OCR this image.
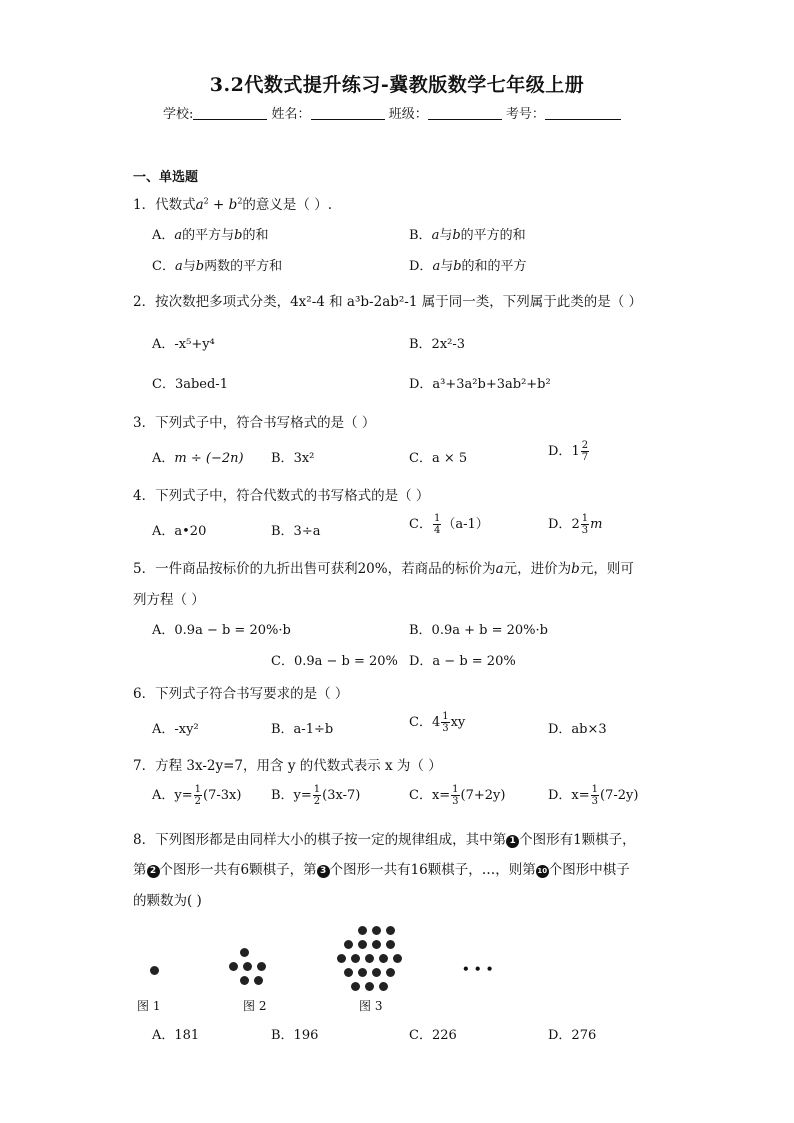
3.2代数式提升练习-冀教版数学七年级上册
学校:	姓名：	班级：	考号：
一、单选题
1．代数式$a^2 + b^2$的意义是（ ）.
A．a的平方与b的和	B．a与b的平方的和
C．a与b两数的平方和	D．a与b的和的平方
2．按次数把多项式分类，4x²-4 和 a³b-2ab²-1 属于同一类，下列属于此类的是（ ）
A．-x⁵+y⁴	B．2x²-3
C．3abed-1	D．a³+3a²b+3ab²+b²
3．下列式子中，符合书写格式的是（ ）
A．m ÷ (−2n) B．3x²	C．a × 5	D．$1 \frac{2}{7}$
4．下列式子中，符合代数式的书写格式的是（ ）
A．a•20	B．3÷a	C． $\frac{1}{4} (a-1)$	D．$2 \frac{1}{3}$ m
5．一件商品按标价的九折出售可获利20%，若商品的标价为a元，进价为b元，则可
列方程（ ）
A．0.9a − b = 20%·b	B．0.9a + b = 20%·b
C．0.9a − b = 20% D．a − b = 20%
6．下列式子符合书写要求的是（ ）
A．-xy²	B．a-1÷b	C．$4 \frac{1}{3}$ xy	D．ab×3
7．方程 3x-2y=7，用含 y 的代数式表示 x 为（ ）
A．$y= \frac{1}{2} (7-3x)$ B．$y= \frac{1}{2} (3x-7)$	C．$x= \frac{1}{3} (7+2y)$	D．$x= \frac{1}{3} (7-2y)$
8．下列图形都是由同样大小的棋子按一定的规律组成，其中第 1 个图形有1颗棋子，
第 2 个图形一共有6颗棋子，第 3 个图形一共有16颗棋子，…，则第 10 个图形中棋子
的颗数为( )
• • •
图 1	图 2	图 3
A．181	B．196	C．226	D．276
